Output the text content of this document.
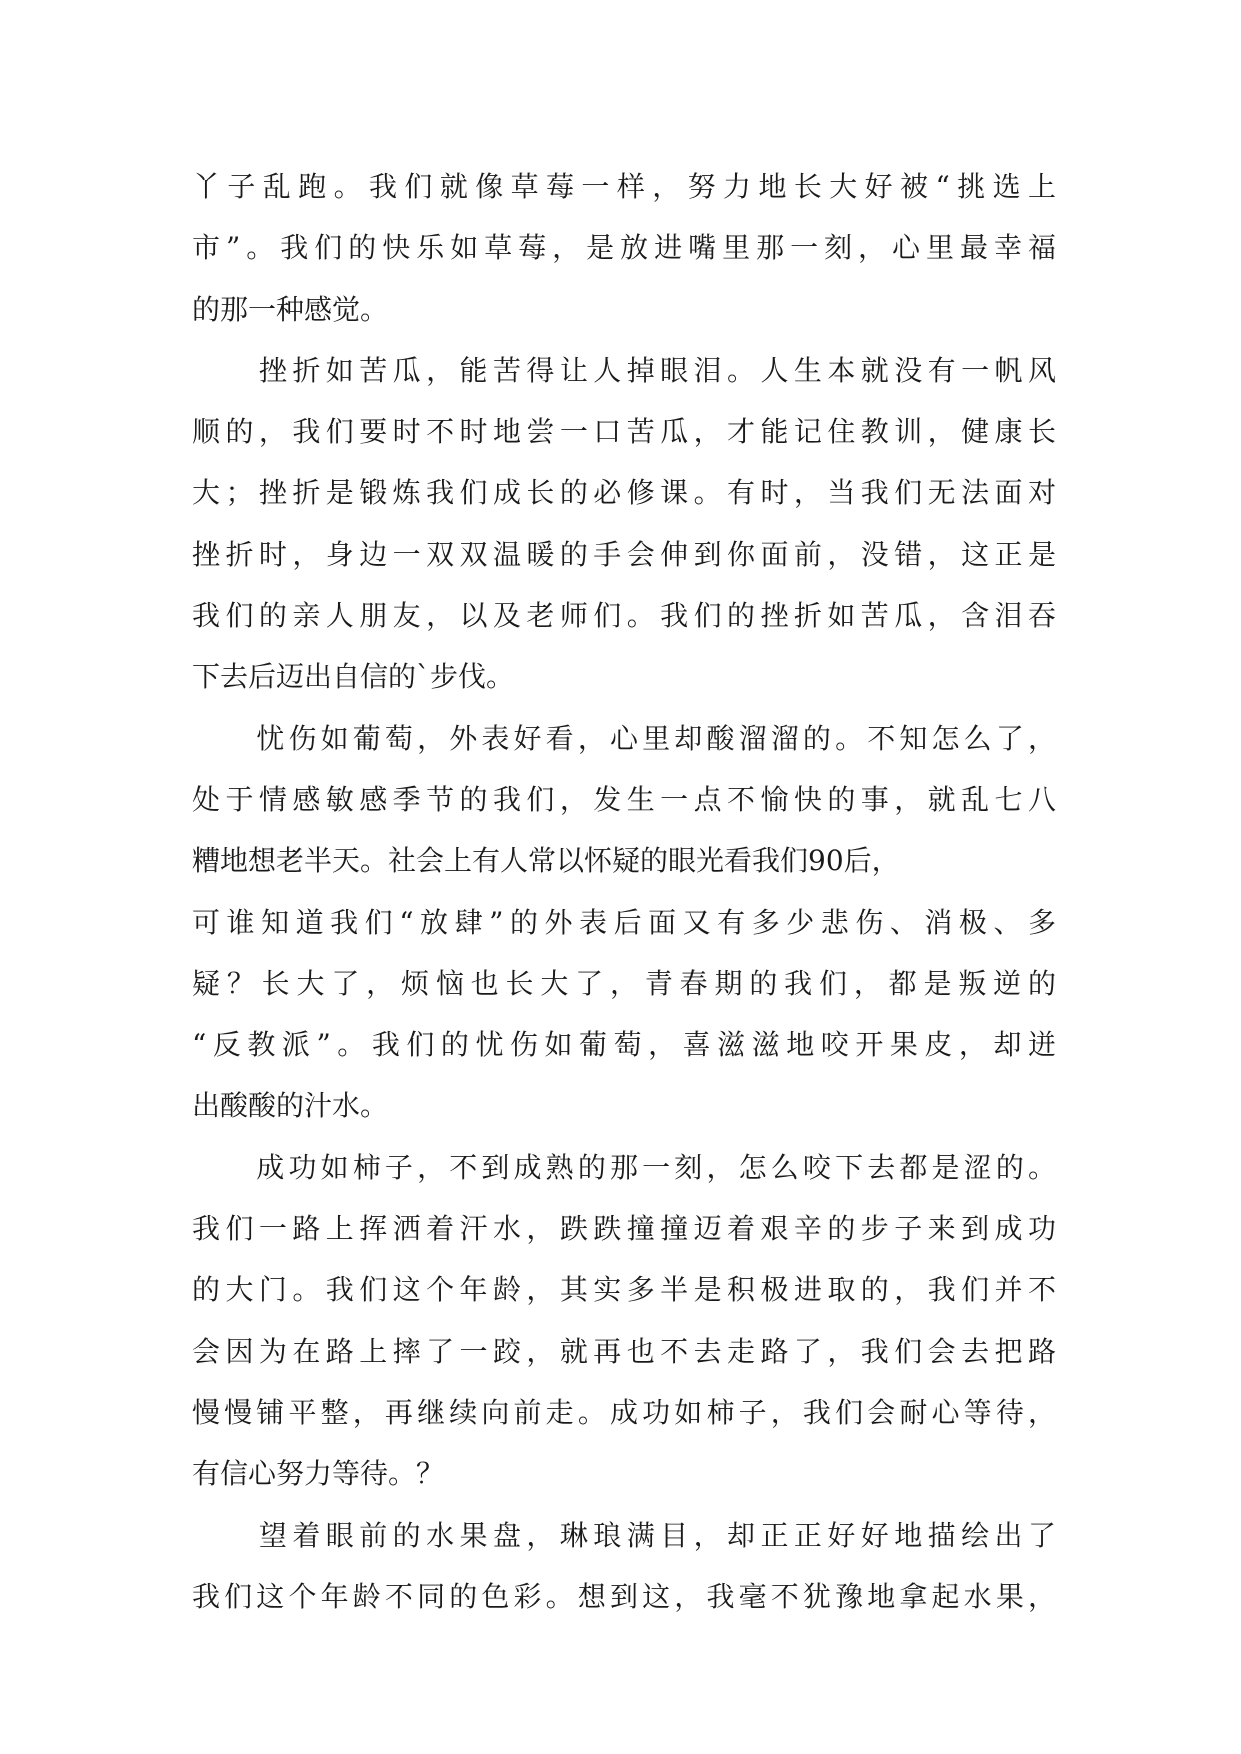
丫子乱跑。我们就像草莓一样，努力地长大好被“挑选上
市”。我们的快乐如草莓，是放进嘴里那一刻，心里最幸福
的那一种感觉。
　　挫折如苦瓜，能苦得让人掉眼泪。人生本就没有一帆风
顺的，我们要时不时地尝一口苦瓜，才能记住教训，健康长
大；挫折是锻炼我们成长的必修课。有时，当我们无法面对
挫折时，身边一双双温暖的手会伸到你面前，没错，这正是
我们的亲人朋友，以及老师们。我们的挫折如苦瓜，含泪吞
下去后迈出自信的`步伐。
　　忧伤如葡萄，外表好看，心里却酸溜溜的。不知怎么了，
处于情感敏感季节的我们，发生一点不愉快的事，就乱七八
糟地想老半天。社会上有人常以怀疑的眼光看我们90后，
可谁知道我们“放肆”的外表后面又有多少悲伤、消极、多
疑？长大了，烦恼也长大了，青春期的我们，都是叛逆的
“反教派”。我们的忧伤如葡萄，喜滋滋地咬开果皮，却迸
出酸酸的汁水。
　　成功如柿子，不到成熟的那一刻，怎么咬下去都是涩的。
我们一路上挥洒着汗水，跌跌撞撞迈着艰辛的步子来到成功
的大门。我们这个年龄，其实多半是积极进取的，我们并不
会因为在路上摔了一跤，就再也不去走路了，我们会去把路
慢慢铺平整，再继续向前走。成功如柿子，我们会耐心等待，
有信心努力等待。？
　　望着眼前的水果盘，琳琅满目，却正正好好地描绘出了
我们这个年龄不同的色彩。想到这，我毫不犹豫地拿起水果，
